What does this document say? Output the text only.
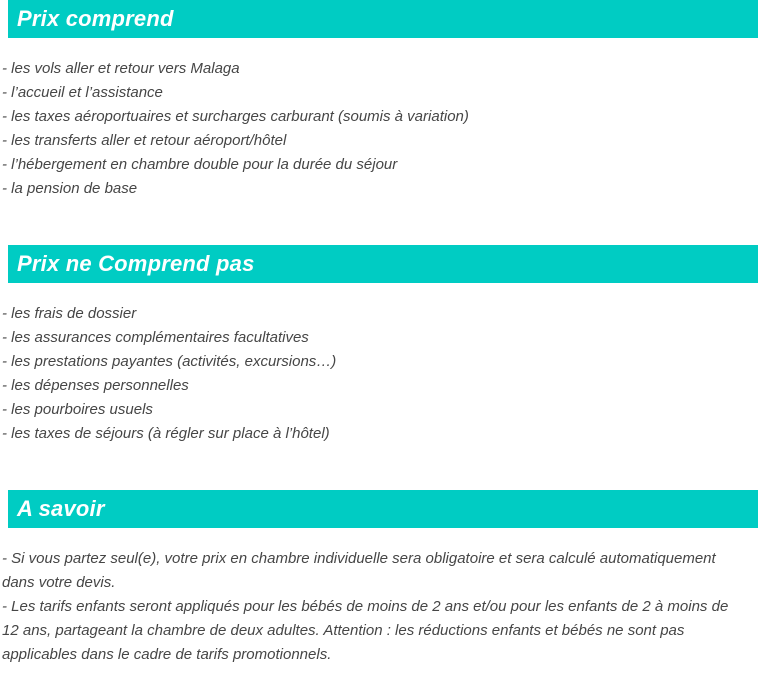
Prix comprend

- les vols aller et retour vers Malaga

- l’accueil et l’assistance

- les taxes aéroportuaires et surcharges carburant (soumis à variation)

- les transferts aller et retour aéroport/hôtel

- l’hébergement en chambre double pour la durée du séjour

- la pension de base

Prix ne Comprend pas

- les frais de dossier

- les assurances complémentaires facultatives

- les prestations payantes (activités, excursions…)

- les dépenses personnelles

- les pourboires usuels

- les taxes de séjours (à régler sur place à l’hôtel)

A savoir

- Si vous partez seul(e), votre prix en chambre individuelle sera obligatoire et sera calculé automatiquement dans votre devis.

- Les tarifs enfants seront appliqués pour les bébés de moins de 2 ans et/ou pour les enfants de 2 à moins de 12 ans, partageant la chambre de deux adultes. Attention : les réductions enfants et bébés ne sont pas applicables dans le cadre de tarifs promotionnels.
